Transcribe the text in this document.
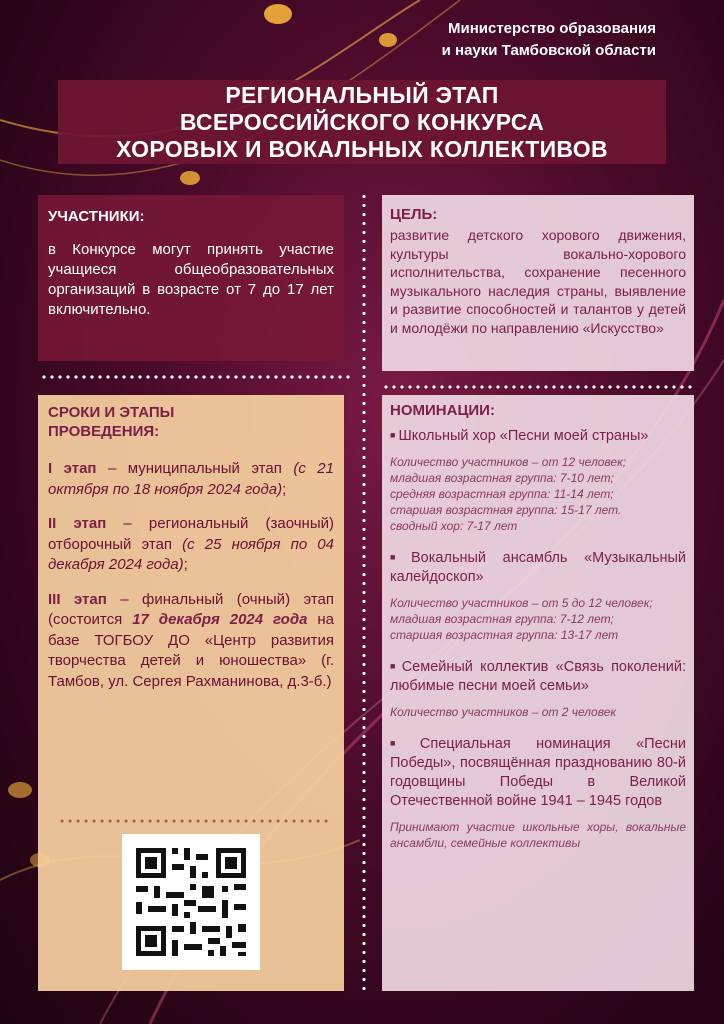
Министерство образования
и науки Тамбовской области
РЕГИОНАЛЬНЫЙ ЭТАП
ВСЕРОССИЙСКОГО КОНКУРСА
ХОРОВЫХ И ВОКАЛЬНЫХ КОЛЛЕКТИВОВ
УЧАСТНИКИ:
в Конкурсе могут принять участие учащиеся общеобразовательных организаций в возрасте от 7 до 17 лет включительно.
ЦЕЛЬ:
развитие детского хорового движения, культуры вокально-хорового исполнительства, сохранение песенного музыкального наследия страны, выявление и развитие способностей и талантов у детей и молодёжи по направлению «Искусство»
СРОКИ И ЭТАПЫ
ПРОВЕДЕНИЯ:
I этап – муниципальный этап (с 21 октября по 18 ноября 2024 года);
II этап – региональный (заочный) отборочный этап (с 25 ноября по 04 декабря 2024 года);
III этап – финальный (очный) этап (состоится 17 декабря 2024 года на базе ТОГБОУ ДО «Центр развития творчества детей и юношества» (г. Тамбов, ул. Сергея Рахманинова, д.3-б.)
НОМИНАЦИИ:
■ Школьный хор «Песни моей страны»
Количество участников – от 12 человек;
младшая возрастная группа: 7-10 лет;
средняя возрастная группа: 11-14 лет;
старшая возрастная группа: 15-17 лет.
сводный хор: 7-17 лет
■ Вокальный ансамбль «Музыкальный калейдоскоп»
Количество участников – от 5 до 12 человек;
младшая возрастная группа: 7-12 лет;
старшая возрастная группа: 13-17 лет
■ Семейный коллектив «Связь поколений: любимые песни моей семьи»
Количество участников – от 2 человек
■ Специальная номинация «Песни Победы», посвящённая празднованию 80-й годовщины Победы в Великой Отечественной войне 1941 – 1945 годов
Принимают участие школьные хоры, вокальные ансамбли, семейные коллективы
